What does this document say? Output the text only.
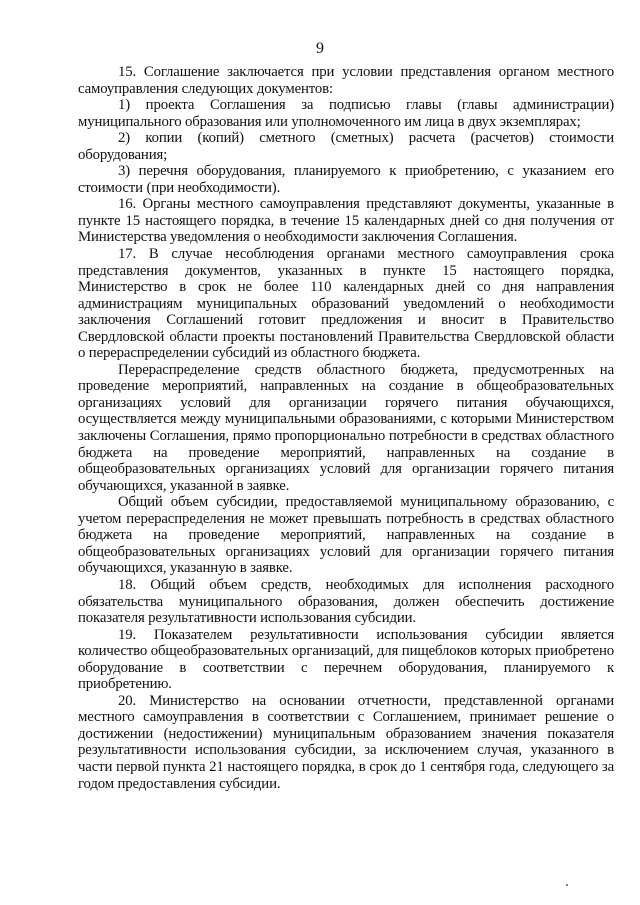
9

15. Соглашение заключается при условии представления органом местного самоуправления следующих документов:

1) проекта Соглашения за подписью главы (главы администрации) муниципального образования или уполномоченного им лица в двух экземплярах;

2) копии (копий) сметного (сметных) расчета (расчетов) стоимости оборудования;

3) перечня оборудования, планируемого к приобретению, с указанием его стоимости (при необходимости).

16. Органы местного самоуправления представляют документы, указанные в пункте 15 настоящего порядка, в течение 15 календарных дней со дня получения от Министерства уведомления о необходимости заключения Соглашения.

17. В случае несоблюдения органами местного самоуправления срока представления документов, указанных в пункте 15 настоящего порядка, Министерство в срок не более 110 календарных дней со дня направления администрациям муниципальных образований уведомлений о необходимости заключения Соглашений готовит предложения и вносит в Правительство Свердловской области проекты постановлений Правительства Свердловской области о перераспределении субсидий из областного бюджета.

Перераспределение средств областного бюджета, предусмотренных на проведение мероприятий, направленных на создание в общеобразовательных организациях условий для организации горячего питания обучающихся, осуществляется между муниципальными образованиями, с которыми Министерством заключены Соглашения, прямо пропорционально потребности в средствах областного бюджета на проведение мероприятий, направленных на создание в общеобразовательных организациях условий для организации горячего питания обучающихся, указанной в заявке.

Общий объем субсидии, предоставляемой муниципальному образованию, с учетом перераспределения не может превышать потребность в средствах областного бюджета на проведение мероприятий, направленных на создание в общеобразовательных организациях условий для организации горячего питания обучающихся, указанную в заявке.

18. Общий объем средств, необходимых для исполнения расходного обязательства муниципального образования, должен обеспечить достижение показателя результативности использования субсидии.

19. Показателем результативности использования субсидии является количество общеобразовательных организаций, для пищеблоков которых приобретено оборудование в соответствии с перечнем оборудования, планируемого к приобретению.

20. Министерство на основании отчетности, представленной органами местного самоуправления в соответствии с Соглашением, принимает решение о достижении (недостижении) муниципальным образованием значения показателя результативности использования субсидии, за исключением случая, указанного в части первой пункта 21 настоящего порядка, в срок до 1 сентября года, следующего за годом предоставления субсидии.
